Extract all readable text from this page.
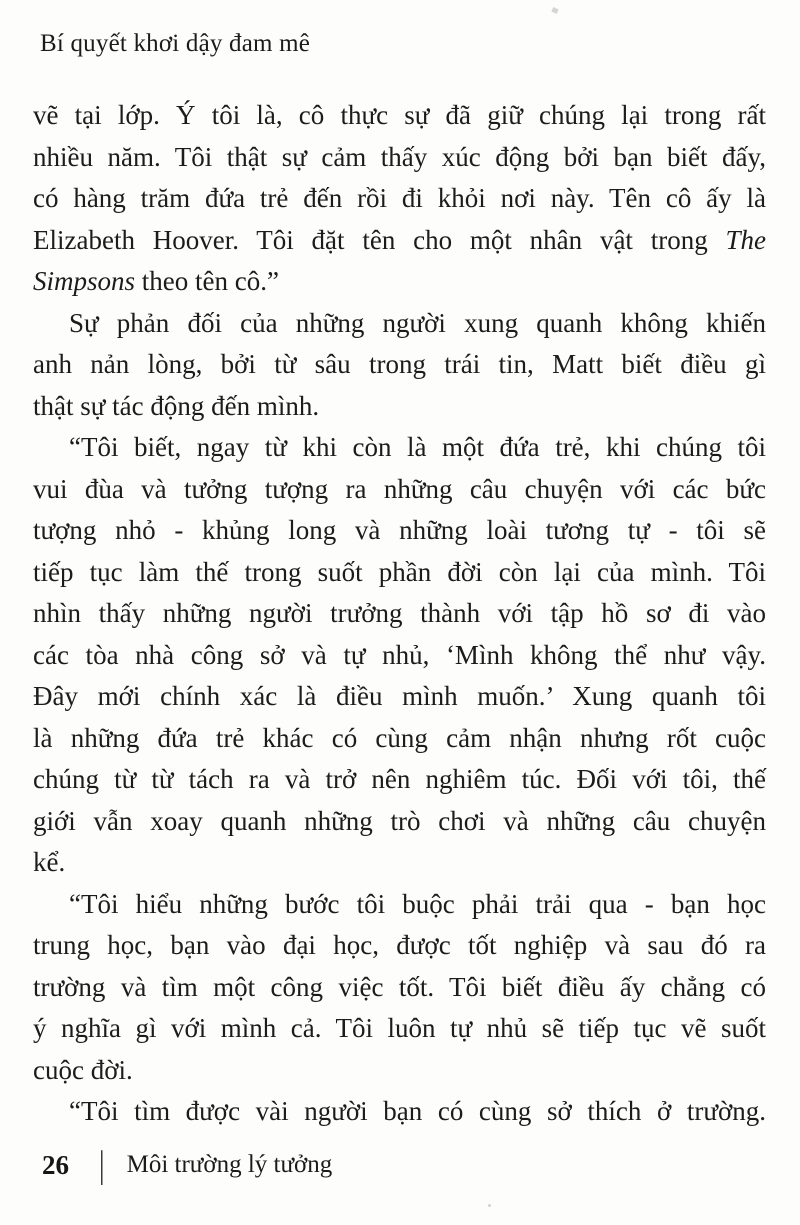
Bí quyết khơi dậy đam mê
vẽ tại lớp. Ý tôi là, cô thực sự đã giữ chúng lại trong rất
nhiều năm. Tôi thật sự cảm thấy xúc động bởi bạn biết đấy,
có hàng trăm đứa trẻ đến rồi đi khỏi nơi này. Tên cô ấy là
Elizabeth Hoover. Tôi đặt tên cho một nhân vật trong The
Simpsons theo tên cô.”
Sự phản đối của những người xung quanh không khiến
anh nản lòng, bởi từ sâu trong trái tin, Matt biết điều gì
thật sự tác động đến mình.
“Tôi biết, ngay từ khi còn là một đứa trẻ, khi chúng tôi
vui đùa và tưởng tượng ra những câu chuyện với các bức
tượng nhỏ - khủng long và những loài tương tự - tôi sẽ
tiếp tục làm thế trong suốt phần đời còn lại của mình. Tôi
nhìn thấy những người trưởng thành với tập hồ sơ đi vào
các tòa nhà công sở và tự nhủ, ‘Mình không thể như vậy.
Đây mới chính xác là điều mình muốn.’ Xung quanh tôi
là những đứa trẻ khác có cùng cảm nhận nhưng rốt cuộc
chúng từ từ tách ra và trở nên nghiêm túc. Đối với tôi, thế
giới vẫn xoay quanh những trò chơi và những câu chuyện
kể.
“Tôi hiểu những bước tôi buộc phải trải qua - bạn học
trung học, bạn vào đại học, được tốt nghiệp và sau đó ra
trường và tìm một công việc tốt. Tôi biết điều ấy chẳng có
ý nghĩa gì với mình cả. Tôi luôn tự nhủ sẽ tiếp tục vẽ suốt
cuộc đời.
“Tôi tìm được vài người bạn có cùng sở thích ở trường.
26 | Môi trường lý tưởng
